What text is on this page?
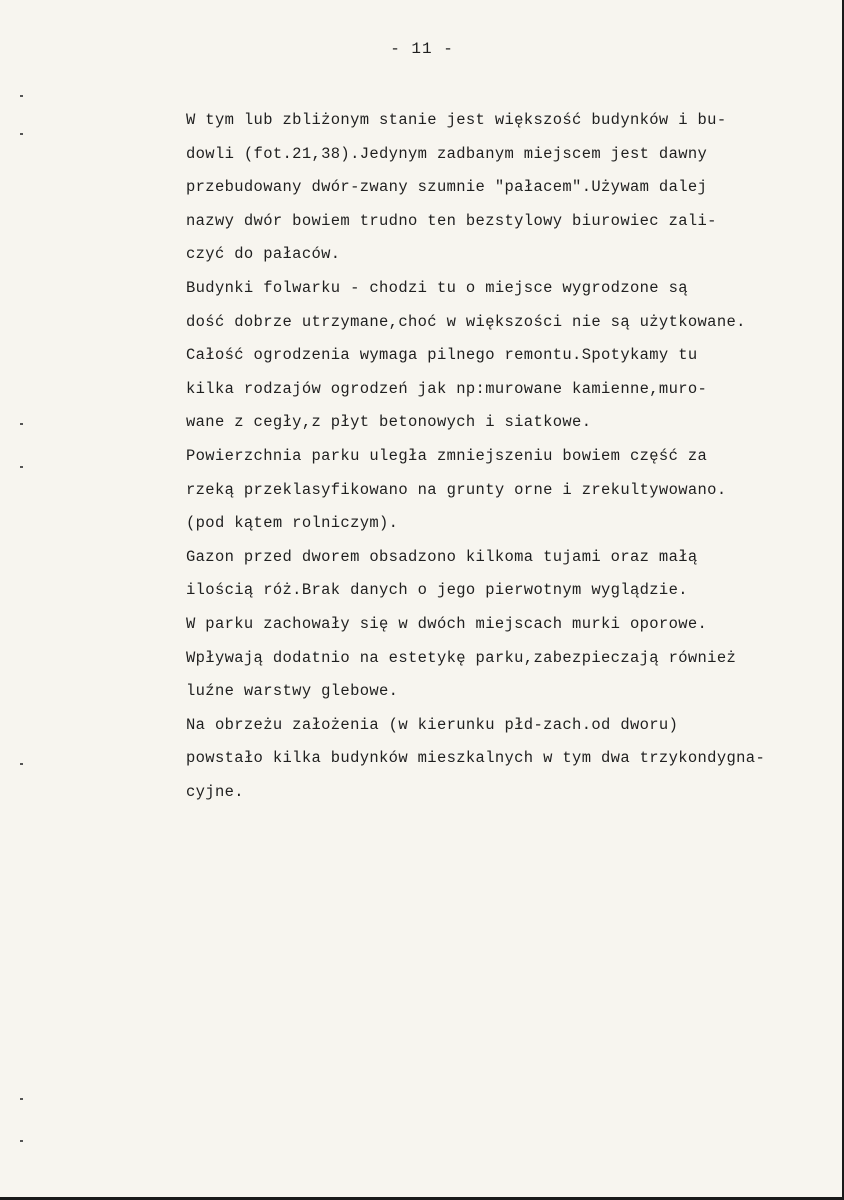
- 11 -
W tym lub zbliżonym stanie jest większość budynków i bu-
dowli (fot.21,38).Jedynym zadbanym miejscem jest dawny
przebudowany dwór-zwany szumnie "pałacem".Używam dalej
nazwy dwór bowiem trudno ten bezstylowy biurowiec zali-
czyć do pałaców.
Budynki folwarku - chodzi tu o miejsce wygrodzone są
dość dobrze utrzymane,choć w większości nie są użytkowane.
Całość ogrodzenia wymaga pilnego remontu.Spotykamy tu
kilka rodzajów ogrodzeń jak np:murowane kamienne,muro-
wane z cegły,z płyt betonowych i siatkowe.
Powierzchnia parku uległa zmniejszeniu bowiem część za
rzeką przeklasyfikowano na grunty orne i zrekultywowano.
(pod kątem rolniczym).
Gazon przed dworem obsadzono kilkoma tujami oraz małą
ilością róż.Brak danych o jego pierwotnym wyglądzie.
W parku zachowały się w dwóch miejscach murki oporowe.
Wpływają dodatnio na estetykę parku,zabezpieczają również
luźne warstwy glebowe.
Na obrzeżu założenia (w kierunku płd-zach.od dworu)
powstało kilka budynków mieszkalnych w tym dwa trzykondygna-
cyjne.
